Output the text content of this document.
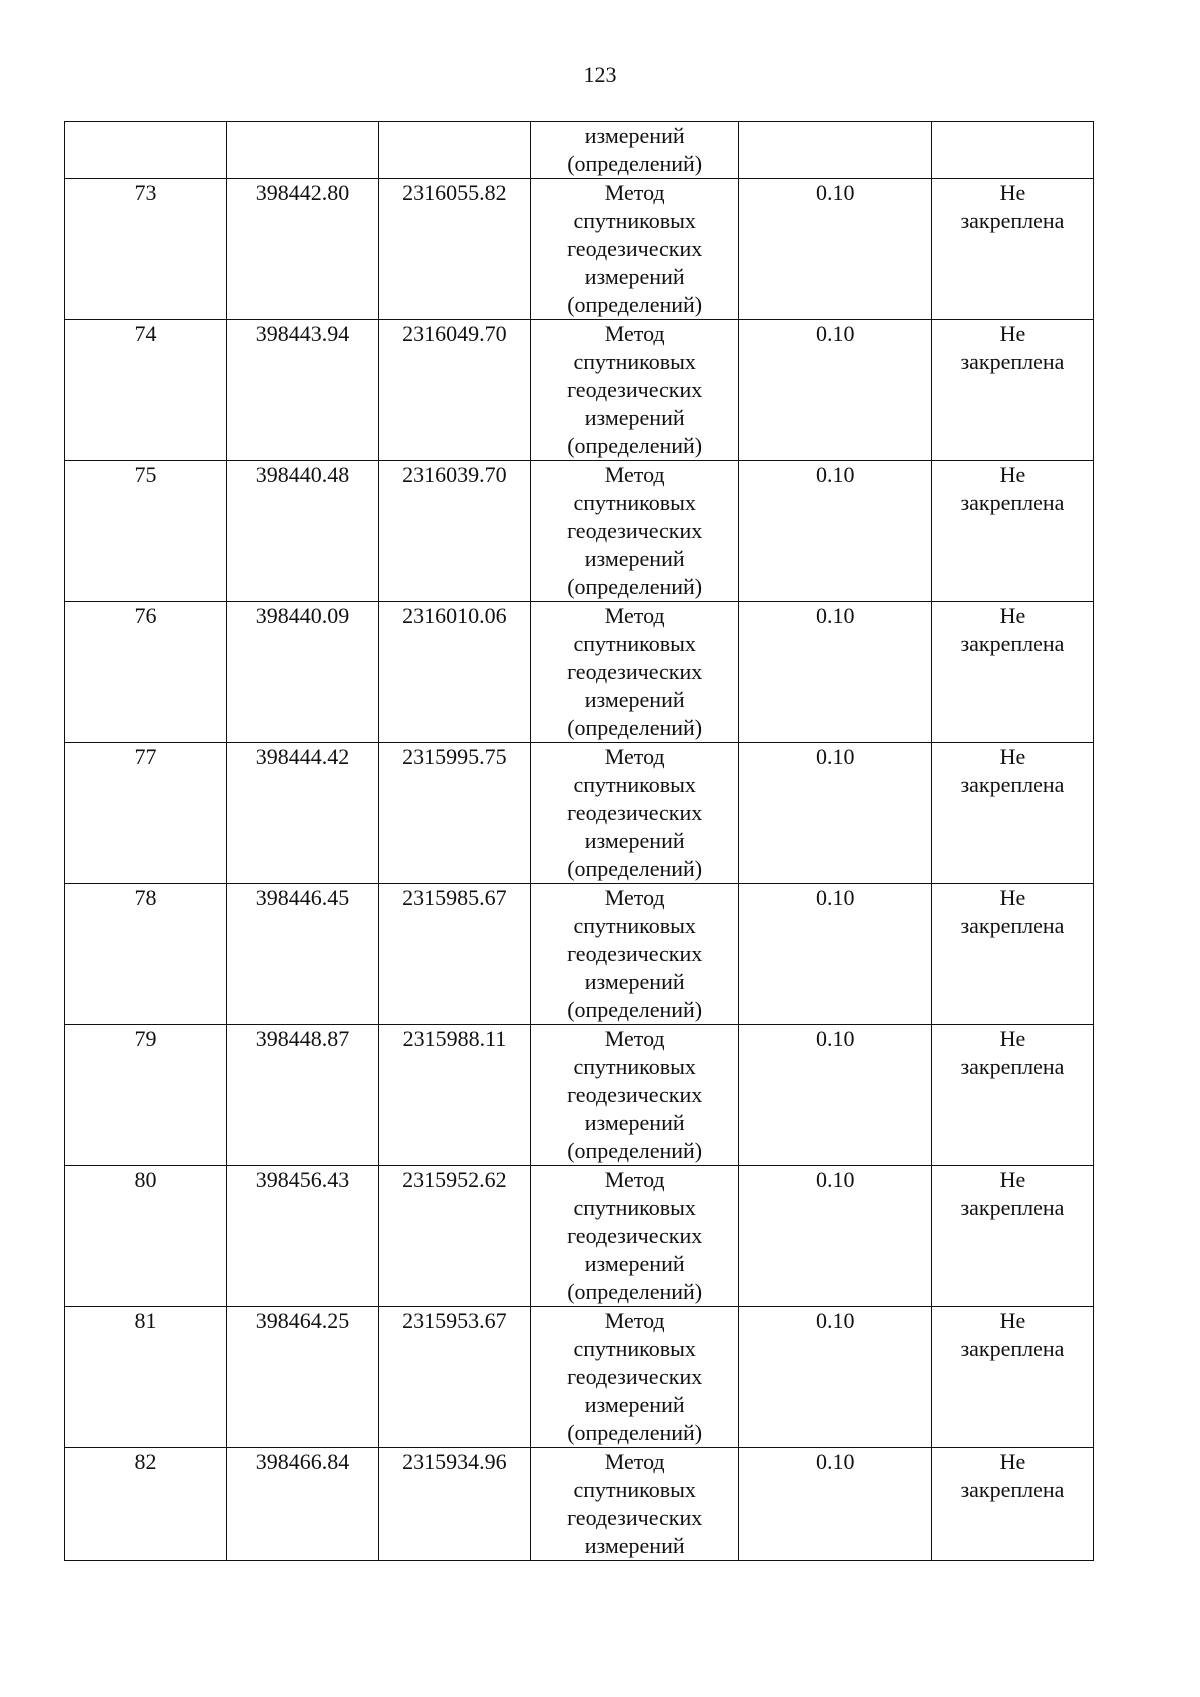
123

			измерений
(определений)		

73	398442.80	2316055.82	Метод
спутниковых
геодезических
измерений
(определений)	0.10	Не
закреплена

74	398443.94	2316049.70	Метод
спутниковых
геодезических
измерений
(определений)	0.10	Не
закреплена

75	398440.48	2316039.70	Метод
спутниковых
геодезических
измерений
(определений)	0.10	Не
закреплена

76	398440.09	2316010.06	Метод
спутниковых
геодезических
измерений
(определений)	0.10	Не
закреплена

77	398444.42	2315995.75	Метод
спутниковых
геодезических
измерений
(определений)	0.10	Не
закреплена

78	398446.45	2315985.67	Метод
спутниковых
геодезических
измерений
(определений)	0.10	Не
закреплена

79	398448.87	2315988.11	Метод
спутниковых
геодезических
измерений
(определений)	0.10	Не
закреплена

80	398456.43	2315952.62	Метод
спутниковых
геодезических
измерений
(определений)	0.10	Не
закреплена

81	398464.25	2315953.67	Метод
спутниковых
геодезических
измерений
(определений)	0.10	Не
закреплена

82	398466.84	2315934.96	Метод
спутниковых
геодезических
измерений	0.10	Не
закреплена
